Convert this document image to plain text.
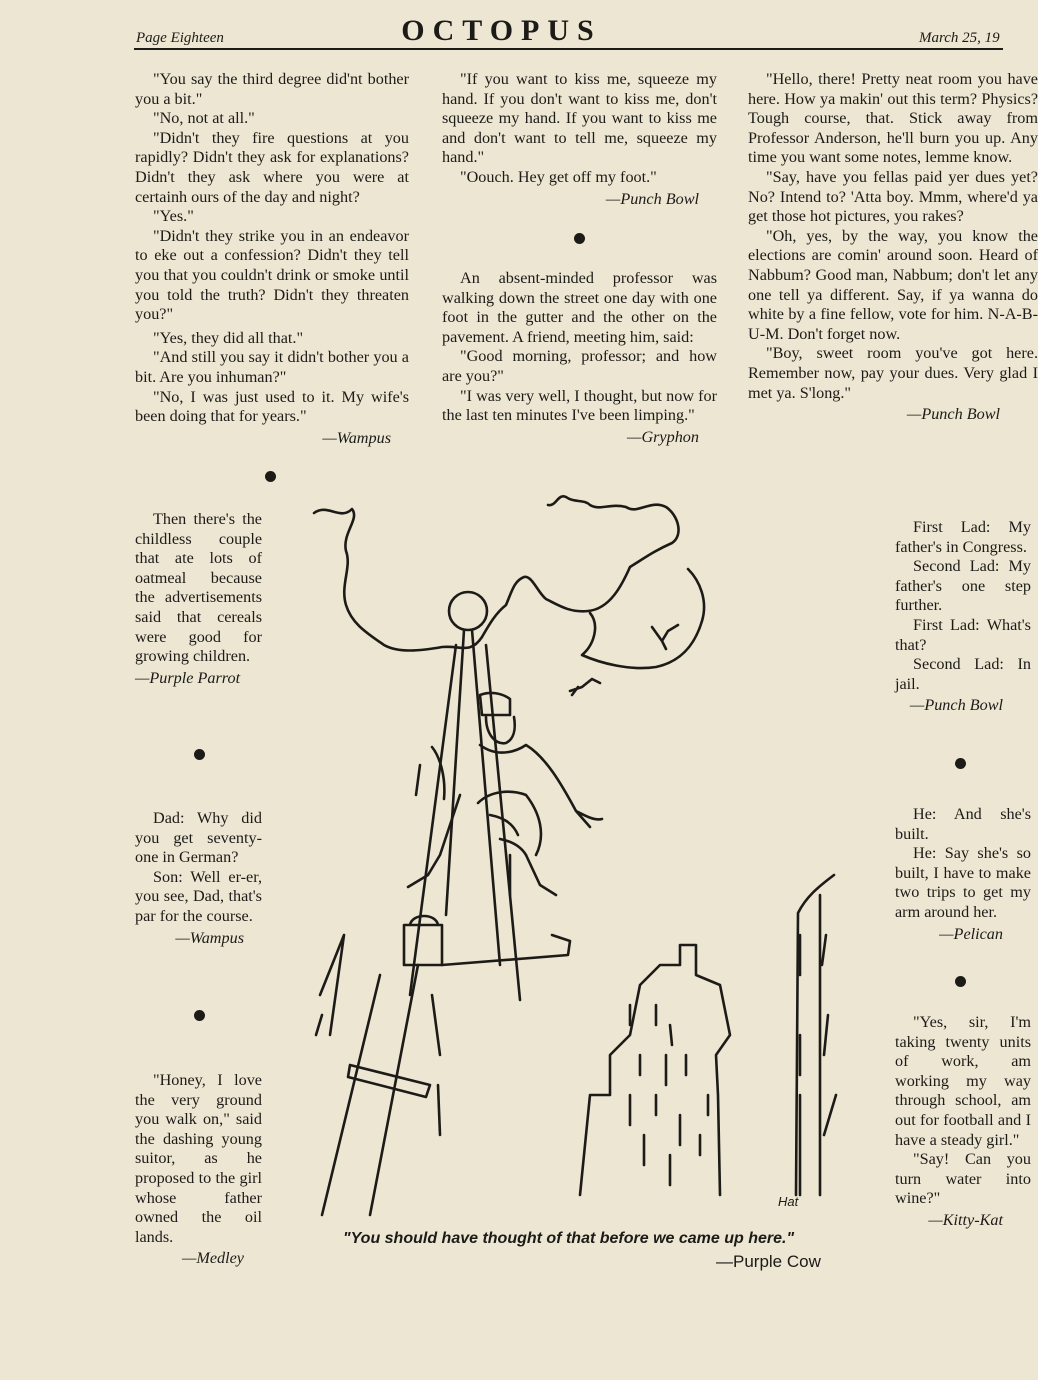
Page Eighteen	OCTOPUS	March 25, 19

"You say the third degree did'nt bother you a bit."

"No, not at all."

"Didn't they fire questions at you rapidly? Didn't they ask for explanations? Didn't they ask where you were at certainh ours of the day and night?

"Yes."

"Didn't they strike you in an endeavor to eke out a confession? Didn't they tell you that you couldn't drink or smoke until you told the truth? Didn't they threaten you?"

"Yes, they did all that."

"And still you say it didn't bother you a bit. Are you inhuman?"

"No, I was just used to it. My wife's been doing that for years."

—Wampus

"If you want to kiss me, squeeze my hand. If you don't want to kiss me, don't squeeze my hand. If you want to kiss me and don't want to tell me, squeeze my hand."

"Oouch. Hey get off my foot."

—Punch Bowl

An absent-minded professor was walking down the street one day with one foot in the gutter and the other on the pavement. A friend, meeting him, said:

"Good morning, professor; and how are you?"

"I was very well, I thought, but now for the last ten minutes I've been limping."

—Gryphon

"Hello, there! Pretty neat room you have here. How ya makin' out this term? Physics? Tough course, that. Stick away from Professor Anderson, he'll burn you up. Any time you want some notes, lemme know.

"Say, have you fellas paid yer dues yet? No? Intend to? 'Atta boy. Mmm, where'd ya get those hot pictures, you rakes?

"Oh, yes, by the way, you know the elections are comin' around soon. Heard of Nabbum? Good man, Nabbum; don't let any one tell ya different. Say, if ya wanna do white by a fine fellow, vote for him. N-A-B-U-M. Don't forget now.

"Boy, sweet room you've got here. Remember now, pay your dues. Very glad I met ya. S'long."

—Punch Bowl

Then there's the childless couple that ate lots of oatmeal because the advertisements said that cereals were good for growing children.

—Purple Parrot

Dad: Why did you get seventy-one in German?

Son: Well er-er, you see, Dad, that's par for the course.

—Wampus

"Honey, I love the very ground you walk on," said the dashing young suitor, as he proposed to the girl whose father owned the oil lands.

—Medley

First Lad: My father's in Congress.

Second Lad: My father's one step further.

First Lad: What's that?

Second Lad: In jail.

—Punch Bowl

He: And she's built.

He: Say she's so built, I have to make two trips to get my arm around her.

—Pelican

"Yes, sir, I'm taking twenty units of work, am working my way through school, am out for football and I have a steady girl."

"Say! Can you turn water into wine?"

—Kitty-Kat

Hat
"You should have thought of that before we came up here."
—Purple Cow
